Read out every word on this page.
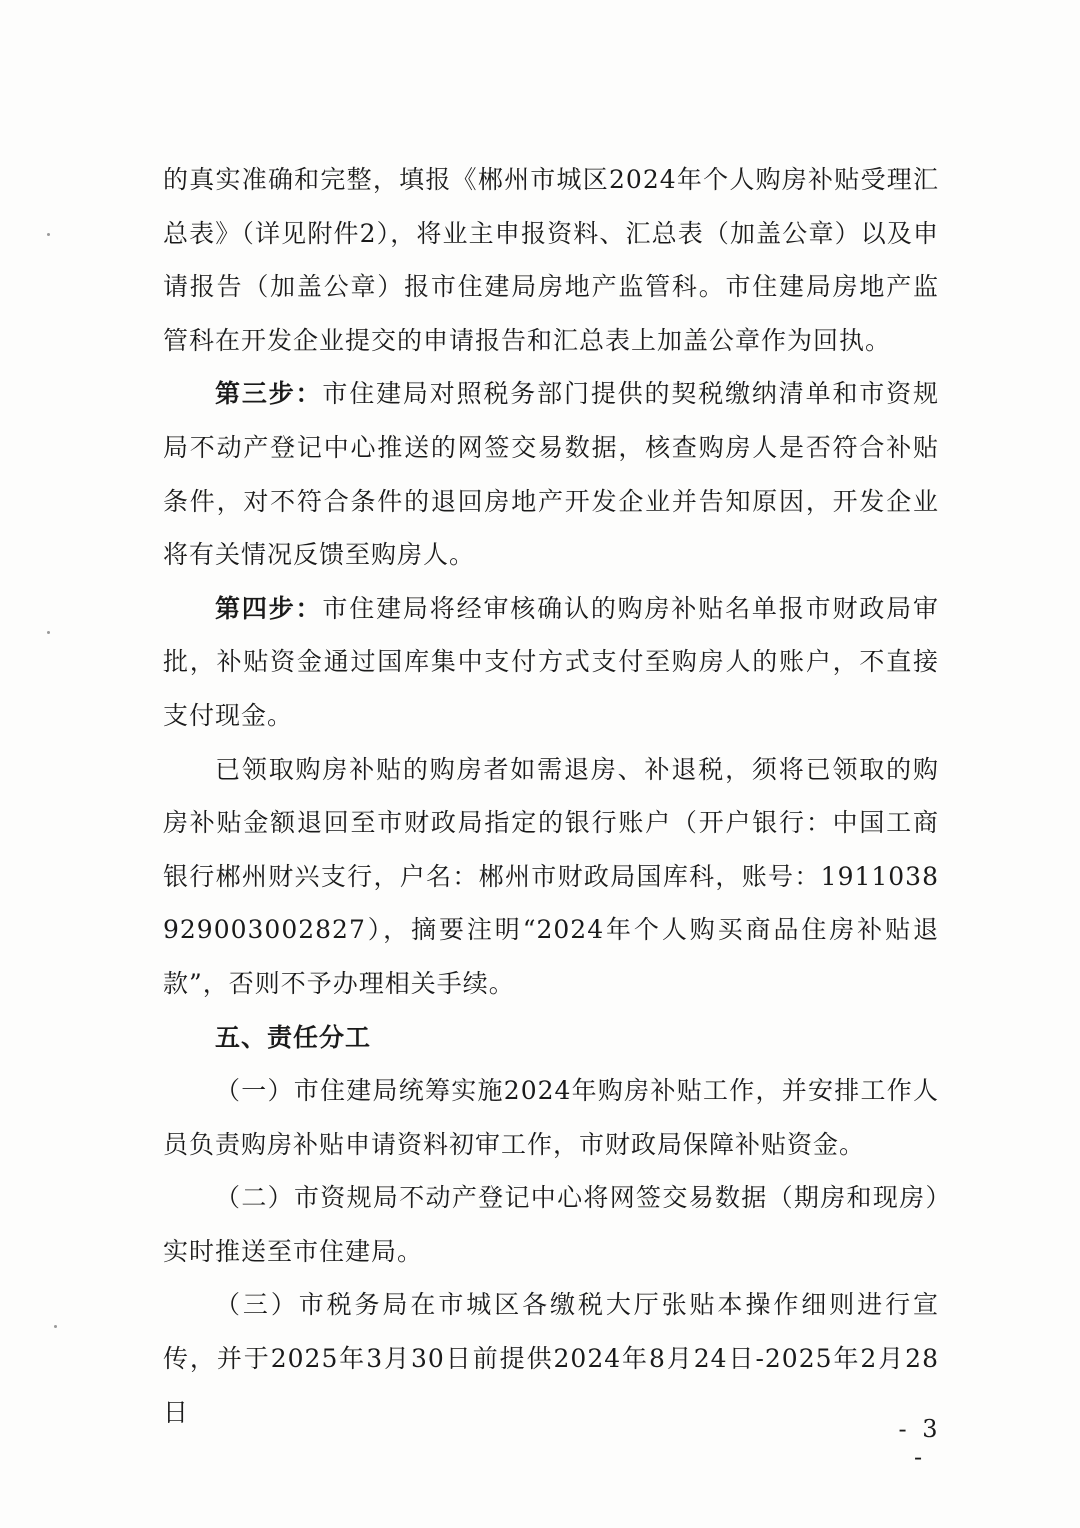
的真实准确和完整，填报《郴州市城区2024年个人购房补贴受理汇总表》（详见附件2），将业主申报资料、汇总表（加盖公章）以及申请报告（加盖公章）报市住建局房地产监管科。市住建局房地产监管科在开发企业提交的申请报告和汇总表上加盖公章作为回执。

第三步：市住建局对照税务部门提供的契税缴纳清单和市资规局不动产登记中心推送的网签交易数据，核查购房人是否符合补贴条件，对不符合条件的退回房地产开发企业并告知原因，开发企业将有关情况反馈至购房人。

第四步：市住建局将经审核确认的购房补贴名单报市财政局审批，补贴资金通过国库集中支付方式支付至购房人的账户，不直接支付现金。

已领取购房补贴的购房者如需退房、补退税，须将已领取的购房补贴金额退回至市财政局指定的银行账户（开户银行：中国工商银行郴州财兴支行，户名：郴州市财政局国库科，账号：1911038929003002827），摘要注明“2024年个人购买商品住房补贴退款”，否则不予办理相关手续。

五、责任分工

（一）市住建局统筹实施2024年购房补贴工作，并安排工作人员负责购房补贴申请资料初审工作，市财政局保障补贴资金。

（二）市资规局不动产登记中心将网签交易数据（期房和现房）实时推送至市住建局。

（三）市税务局在市城区各缴税大厅张贴本操作细则进行宣传，并于2025年3月30日前提供2024年8月24日-2025年2月28日

- 3 -
